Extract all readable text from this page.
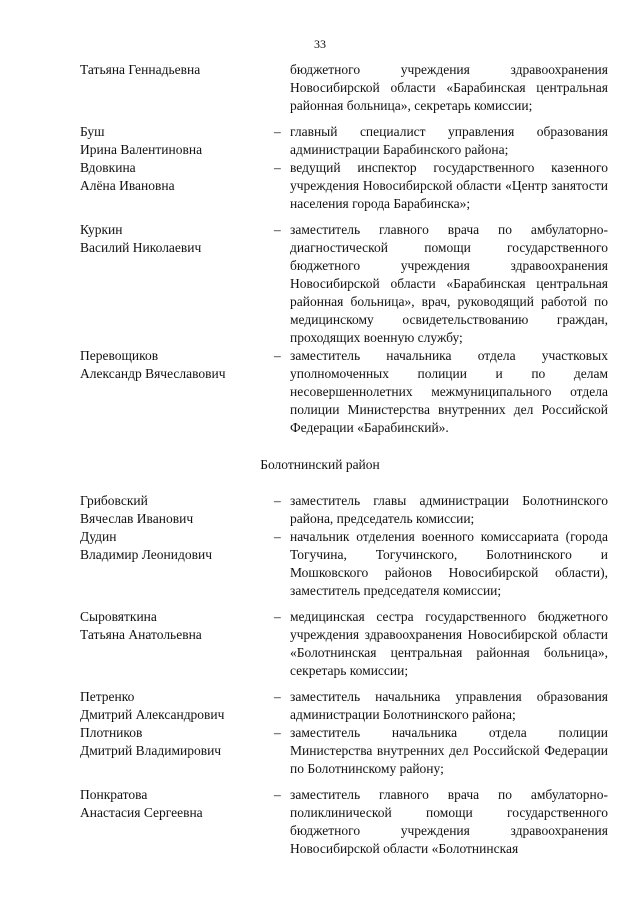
33
Татьяна Геннадьевна	бюджетного учреждения здравоохранения Новосибирской области «Барабинская центральная районная больница», секретарь комиссии;
Буш
Ирина Валентиновна
– главный специалист управления образования администрации Барабинского района;
Вдовкина
Алёна Ивановна
– ведущий инспектор государственного казенного учреждения Новосибирской области «Центр занятости населения города Барабинска»;
Куркин
Василий Николаевич
– заместитель главного врача по амбулаторно-диагностической помощи государственного бюджетного учреждения здравоохранения Новосибирской области «Барабинская центральная районная больница», врач, руководящий работой по медицинскому освидетельствованию граждан, проходящих военную службу;
Перевощиков
Александр Вячеславович
– заместитель начальника отдела участковых уполномоченных полиции и по делам несовершеннолетних межмуниципального отдела полиции Министерства внутренних дел Российской Федерации «Барабинский».
Болотнинский район
Грибовский
Вячеслав Иванович
– заместитель главы администрации Болотнинского района, председатель комиссии;
Дудин
Владимир Леонидович
– начальник отделения военного комиссариата (города Тогучина, Тогучинского, Болотнинского и Мошковского районов Новосибирской области), заместитель председателя комиссии;
Сыровяткина
Татьяна Анатольевна
– медицинская сестра государственного бюджетного учреждения здравоохранения Новосибирской области «Болотнинская центральная районная больница», секретарь комиссии;
Петренко
Дмитрий Александрович
– заместитель начальника управления образования администрации Болотнинского района;
Плотников
Дмитрий Владимирович
– заместитель начальника отдела полиции Министерства внутренних дел Российской Федерации по Болотнинскому району;
Понкратова
Анастасия Сергеевна
– заместитель главного врача по амбулаторно-поликлинической помощи государственного бюджетного учреждения здравоохранения Новосибирской области «Болотнинская
